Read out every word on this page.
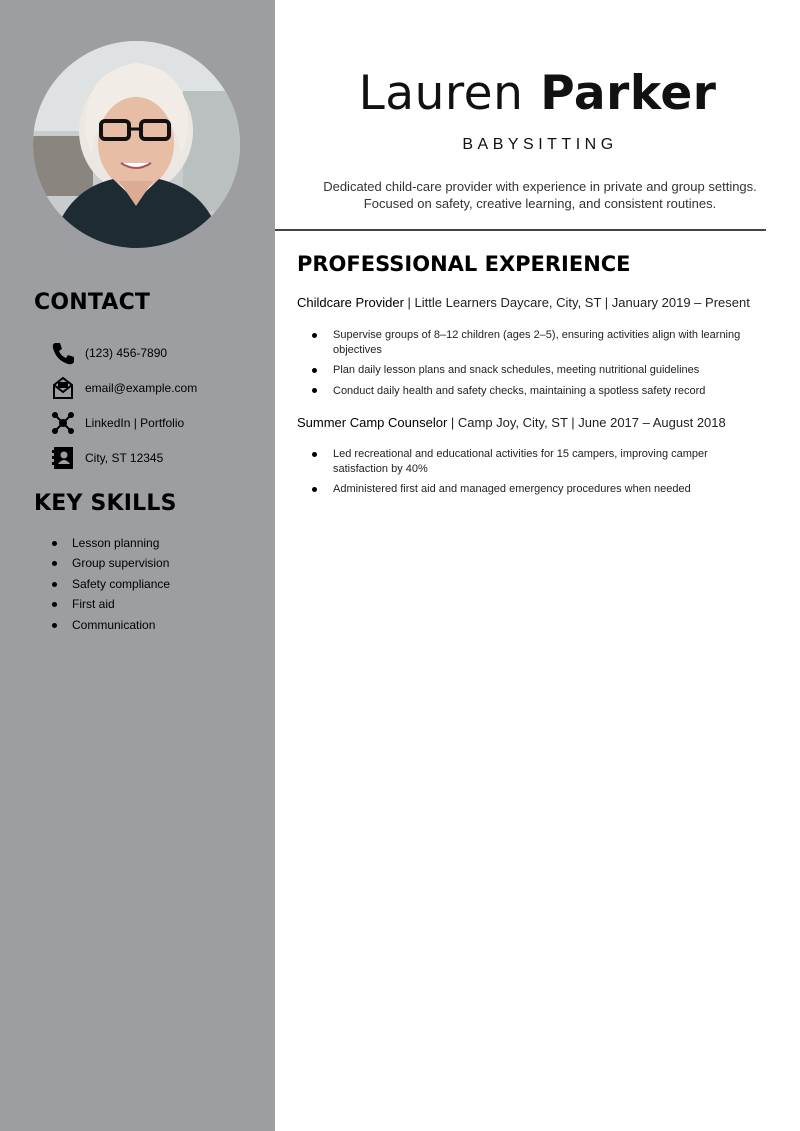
CONTACT
(123) 456-7890
email@example.com
LinkedIn | Portfolio
City, ST 12345
KEY SKILLS
Lesson planning
Group supervision
Safety compliance
First aid
Communication
Lauren Parker

BABYSITTING

Dedicated child-care provider with experience in private and group settings.
Focused on safety, creative learning, and consistent routines.

PROFESSIONAL EXPERIENCE

Childcare Provider | Little Learners Daycare, City, ST | January 2019 – Present

Supervise groups of 8–12 children (ages 2–5), ensuring activities align with learning objectives
Plan daily lesson plans and snack schedules, meeting nutritional guidelines
Conduct daily health and safety checks, maintaining a spotless safety record

Summer Camp Counselor | Camp Joy, City, ST | June 2017 – August 2018

Led recreational and educational activities for 15 campers, improving camper satisfaction by 40%
Administered first aid and managed emergency procedures when needed
